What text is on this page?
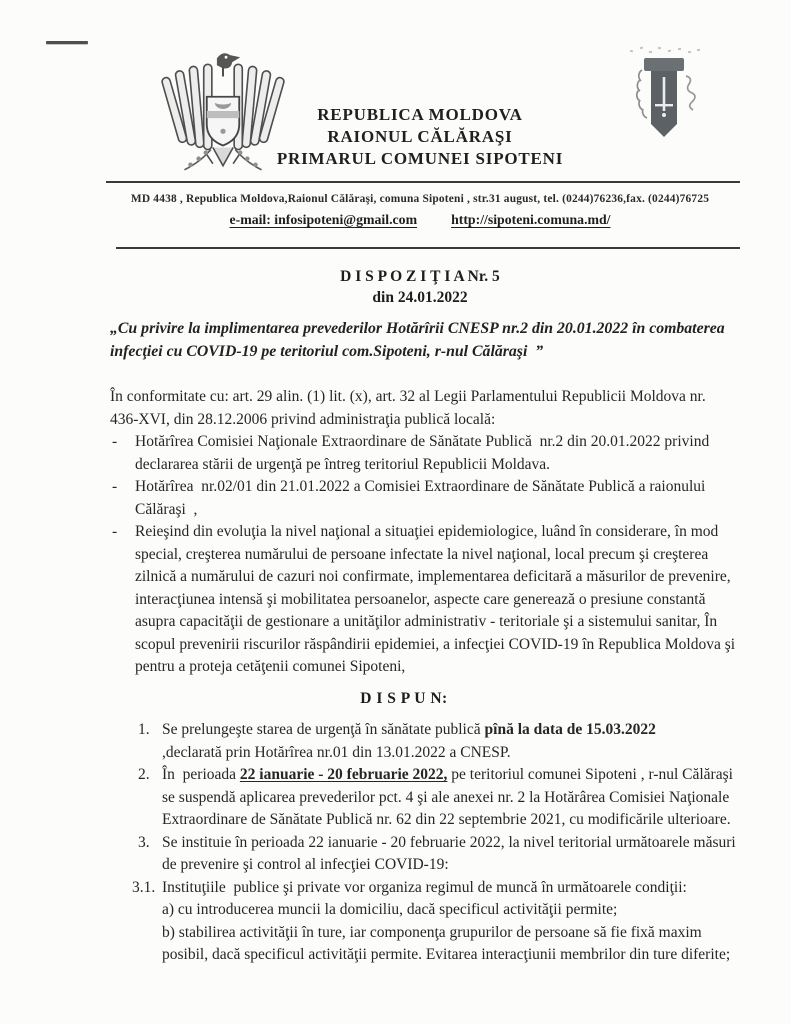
REPUBLICA MOLDOVA
RAIONUL CĂLĂRAŞI
PRIMARUL COMUNEI SIPOTENI
MD 4438 , Republica Moldova,Raionul Călăraşi, comuna Sipoteni , str.31 august, tel. (0244)76236,fax. (0244)76725
e-mail: infosipoteni@gmail.com http://sipoteni.comuna.md/
D I S P O Z I Ţ I A Nr. 5
din 24.01.2022
„Cu privire la implimentarea prevederilor Hotărîrii CNESP nr.2 din 20.01.2022 în combaterea infecţiei cu COVID-19 pe teritoriul com.Sipoteni, r-nul Călăraşi  ”

În conformitate cu: art. 29 alin. (1) lit. (x), art. 32 al Legii Parlamentului Republicii Moldova nr. 436-XVI, din 28.12.2006 privind administraţia publică locală:

- Hotărîrea Comisiei Naţionale Extraordinare de Sănătate Publică  nr.2 din 20.01.2022 privind declararea stării de urgenţă pe întreg teritoriul Republicii Moldava.
- Hotărîrea  nr.02/01 din 21.01.2022 a Comisiei Extraordinare de Sănătate Publică a raionului Călăraşi  ,
- Reieşind din evoluţia la nivel naţional a situaţiei epidemiologice, luând în considerare, în mod special, creşterea numărului de persoane infectate la nivel naţional, local precum şi creşterea zilnică a numărului de cazuri noi confirmate, implementarea deficitară a măsurilor de prevenire, interacţiunea intensă şi mobilitatea persoanelor, aspecte care generează o presiune constantă asupra capacităţii de gestionare a unităţilor administrativ - teritoriale şi a sistemului sanitar, În scopul prevenirii riscurilor răspândirii epidemiei, a infecţiei COVID-19 în Republica Moldova şi pentru a proteja cetăţenii comunei Sipoteni,
D I S P U N:
1. Se prelungeşte starea de urgenţă în sănătate publică pînă la data de 15.03.2022
,declarată prin Hotărîrea nr.01 din 13.01.2022 a CNESP.
2. În  perioada 22 ianuarie - 20 februarie 2022, pe teritoriul comunei Sipoteni , r-nul Călăraşi se suspendă aplicarea prevederilor pct. 4 şi ale anexei nr. 2 la Hotărârea Comisiei Naţionale Extraordinare de Sănătate Publică nr. 62 din 22 septembrie 2021, cu modificările ulterioare.
3. Se instituie în perioada 22 ianuarie - 20 februarie 2022, la nivel teritorial următoarele măsuri de prevenire şi control al infecţiei COVID-19:
3.1. Instituţiile  publice şi private vor organiza regimul de muncă în următoarele condiţii:
a) cu introducerea muncii la domiciliu, dacă specificul activităţii permite;
b) stabilirea activităţii în ture, iar componenţa grupurilor de persoane să fie fixă maxim posibil, dacă specificul activităţii permite. Evitarea interacţiunii membrilor din ture diferite;
